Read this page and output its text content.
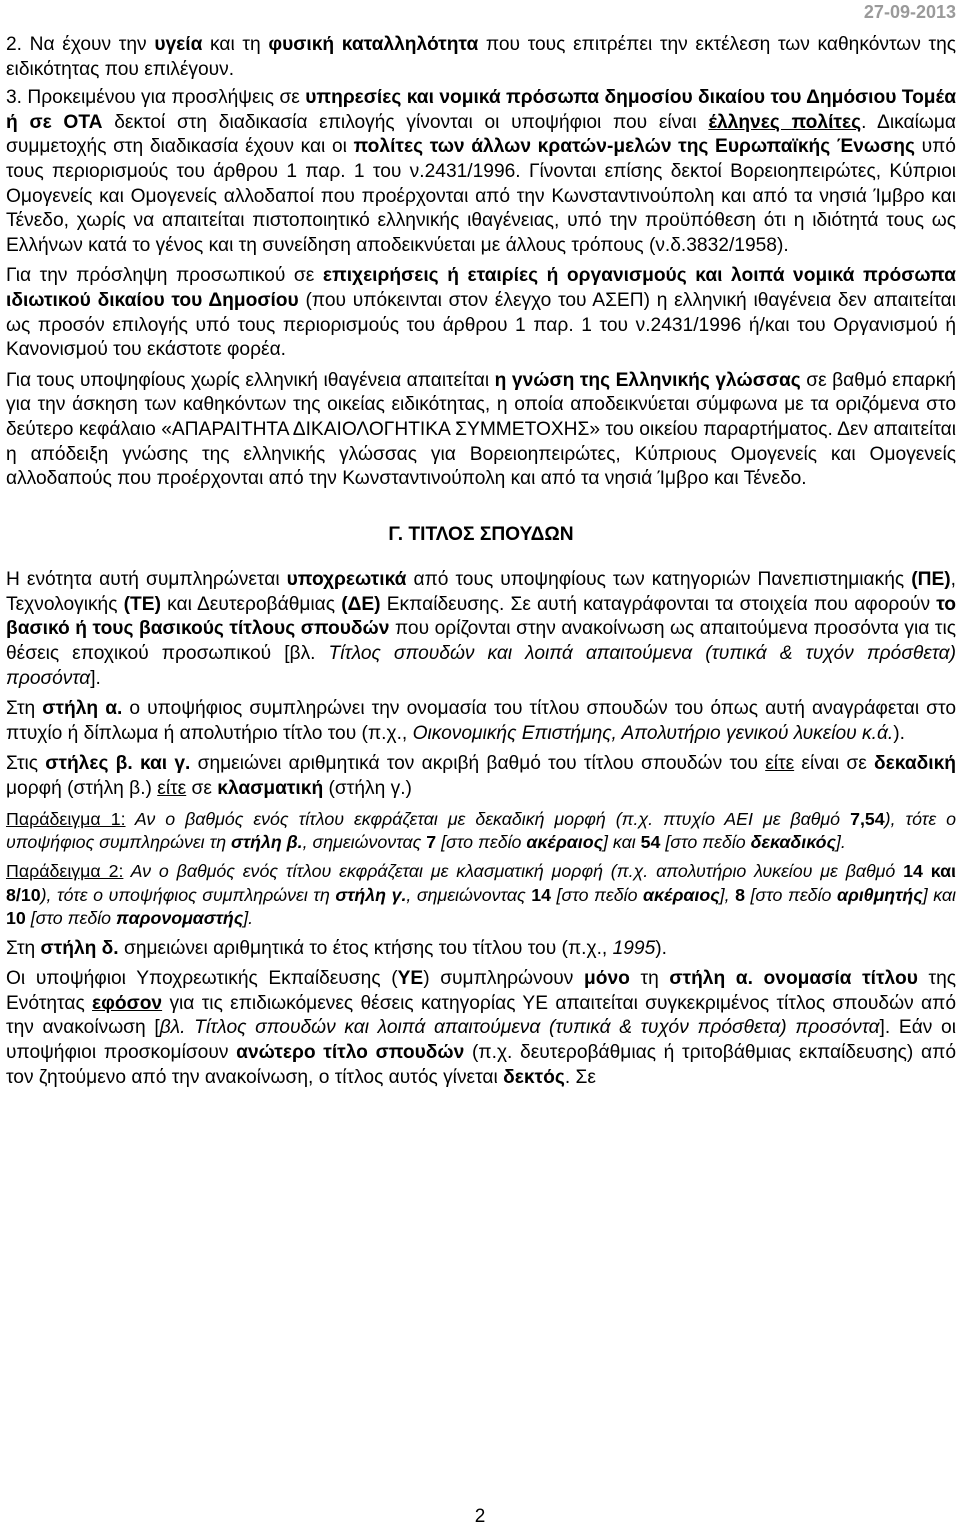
27-09-2013

2. Να έχουν την υγεία και τη φυσική καταλληλότητα που τους επιτρέπει την εκτέλεση των καθηκόντων της ειδικότητας που επιλέγουν.

3. Προκειμένου για προσλήψεις σε υπηρεσίες και νομικά πρόσωπα δημοσίου δικαίου του Δημόσιου Τομέα ή σε ΟΤΑ δεκτοί στη διαδικασία επιλογής γίνονται οι υποψήφιοι που είναι έλληνες πολίτες. Δικαίωμα συμμετοχής στη διαδικασία έχουν και οι πολίτες των άλλων κρατών-μελών της Ευρωπαϊκής Ένωσης υπό τους περιορισμούς του άρθρου 1 παρ. 1 του ν.2431/1996. Γίνονται επίσης δεκτοί Βορειοηπειρώτες, Κύπριοι Ομογενείς και Ομογενείς αλλοδαποί που προέρχονται από την Κωνσταντινούπολη και από τα νησιά Ίμβρο και Τένεδο, χωρίς να απαιτείται πιστοποιητικό ελληνικής ιθαγένειας, υπό την προϋπόθεση ότι η ιδιότητά τους ως Ελλήνων κατά το γένος και τη συνείδηση αποδεικνύεται με άλλους τρόπους (ν.δ.3832/1958).

Για την πρόσληψη προσωπικού σε επιχειρήσεις ή εταιρίες ή οργανισμούς και λοιπά νομικά πρόσωπα ιδιωτικού δικαίου του Δημοσίου (που υπόκεινται στον έλεγχο του ΑΣΕΠ) η ελληνική ιθαγένεια δεν απαιτείται ως προσόν επιλογής υπό τους περιορισμούς του άρθρου 1 παρ. 1 του ν.2431/1996 ή/και του Οργανισμού ή Κανονισμού του εκάστοτε φορέα.

Για τους υποψηφίους χωρίς ελληνική ιθαγένεια απαιτείται η γνώση της Ελληνικής γλώσσας σε βαθμό επαρκή για την άσκηση των καθηκόντων της οικείας ειδικότητας, η οποία αποδεικνύεται σύμφωνα με τα οριζόμενα στο δεύτερο κεφάλαιο «ΑΠΑΡΑΙΤΗΤΑ ΔΙΚΑΙΟΛΟΓΗΤΙΚΑ ΣΥΜΜΕΤΟΧΗΣ» του οικείου παραρτήματος. Δεν απαιτείται η απόδειξη γνώσης της ελληνικής γλώσσας για Βορειοηπειρώτες, Κύπριους Ομογενείς και Ομογενείς αλλοδαπούς που προέρχονται από την Κωνσταντινούπολη και από τα νησιά Ίμβρο και Τένεδο.

Γ. ΤΙΤΛΟΣ ΣΠΟΥΔΩΝ

Η ενότητα αυτή συμπληρώνεται υποχρεωτικά από τους υποψηφίους των κατηγοριών Πανεπιστημιακής (ΠΕ), Τεχνολογικής (ΤΕ) και Δευτεροβάθμιας (ΔΕ) Εκπαίδευσης. Σε αυτή καταγράφονται τα στοιχεία που αφορούν το βασικό ή τους βασικούς τίτλους σπουδών που ορίζονται στην ανακοίνωση ως απαιτούμενα προσόντα για τις θέσεις εποχικού προσωπικού [βλ. Τίτλος σπουδών και λοιπά απαιτούμενα (τυπικά & τυχόν πρόσθετα) προσόντα].

Στη στήλη α. ο υποψήφιος συμπληρώνει την ονομασία του τίτλου σπουδών του όπως αυτή αναγράφεται στο πτυχίο ή δίπλωμα ή απολυτήριο τίτλο του (π.χ., Οικονομικής Επιστήμης, Απολυτήριο γενικού λυκείου κ.ά.).

Στις στήλες β. και γ. σημειώνει αριθμητικά τον ακριβή βαθμό του τίτλου σπουδών του είτε είναι σε δεκαδική μορφή (στήλη β.) είτε σε κλασματική (στήλη γ.)

Παράδειγμα 1: Αν ο βαθμός ενός τίτλου εκφράζεται με δεκαδική μορφή (π.χ. πτυχίο ΑΕΙ με βαθμό 7,54), τότε ο υποψήφιος συμπληρώνει τη στήλη β., σημειώνοντας 7 [στο πεδίο ακέραιος] και 54 [στο πεδίο δεκαδικός].

Παράδειγμα 2: Αν ο βαθμός ενός τίτλου εκφράζεται με κλασματική μορφή (π.χ. απολυτήριο λυκείου με βαθμό 14 και 8/10), τότε ο υποψήφιος συμπληρώνει τη στήλη γ., σημειώνοντας 14 [στο πεδίο ακέραιος], 8 [στο πεδίο αριθμητής] και 10 [στο πεδίο παρονομαστής].

Στη στήλη δ. σημειώνει αριθμητικά το έτος κτήσης του τίτλου του (π.χ., 1995).

Οι υποψήφιοι Υποχρεωτικής Εκπαίδευσης (ΥΕ) συμπληρώνουν μόνο τη στήλη α. ονομασία τίτλου της Ενότητας εφόσον για τις επιδιωκόμενες θέσεις κατηγορίας ΥΕ απαιτείται συγκεκριμένος τίτλος σπουδών από την ανακοίνωση [βλ. Τίτλος σπουδών και λοιπά απαιτούμενα (τυπικά & τυχόν πρόσθετα) προσόντα]. Εάν οι υποψήφιοι προσκομίσουν ανώτερο τίτλο σπουδών (π.χ. δευτεροβάθμιας ή τριτοβάθμιας εκπαίδευσης) από τον ζητούμενο από την ανακοίνωση, ο τίτλος αυτός γίνεται δεκτός. Σε

2
